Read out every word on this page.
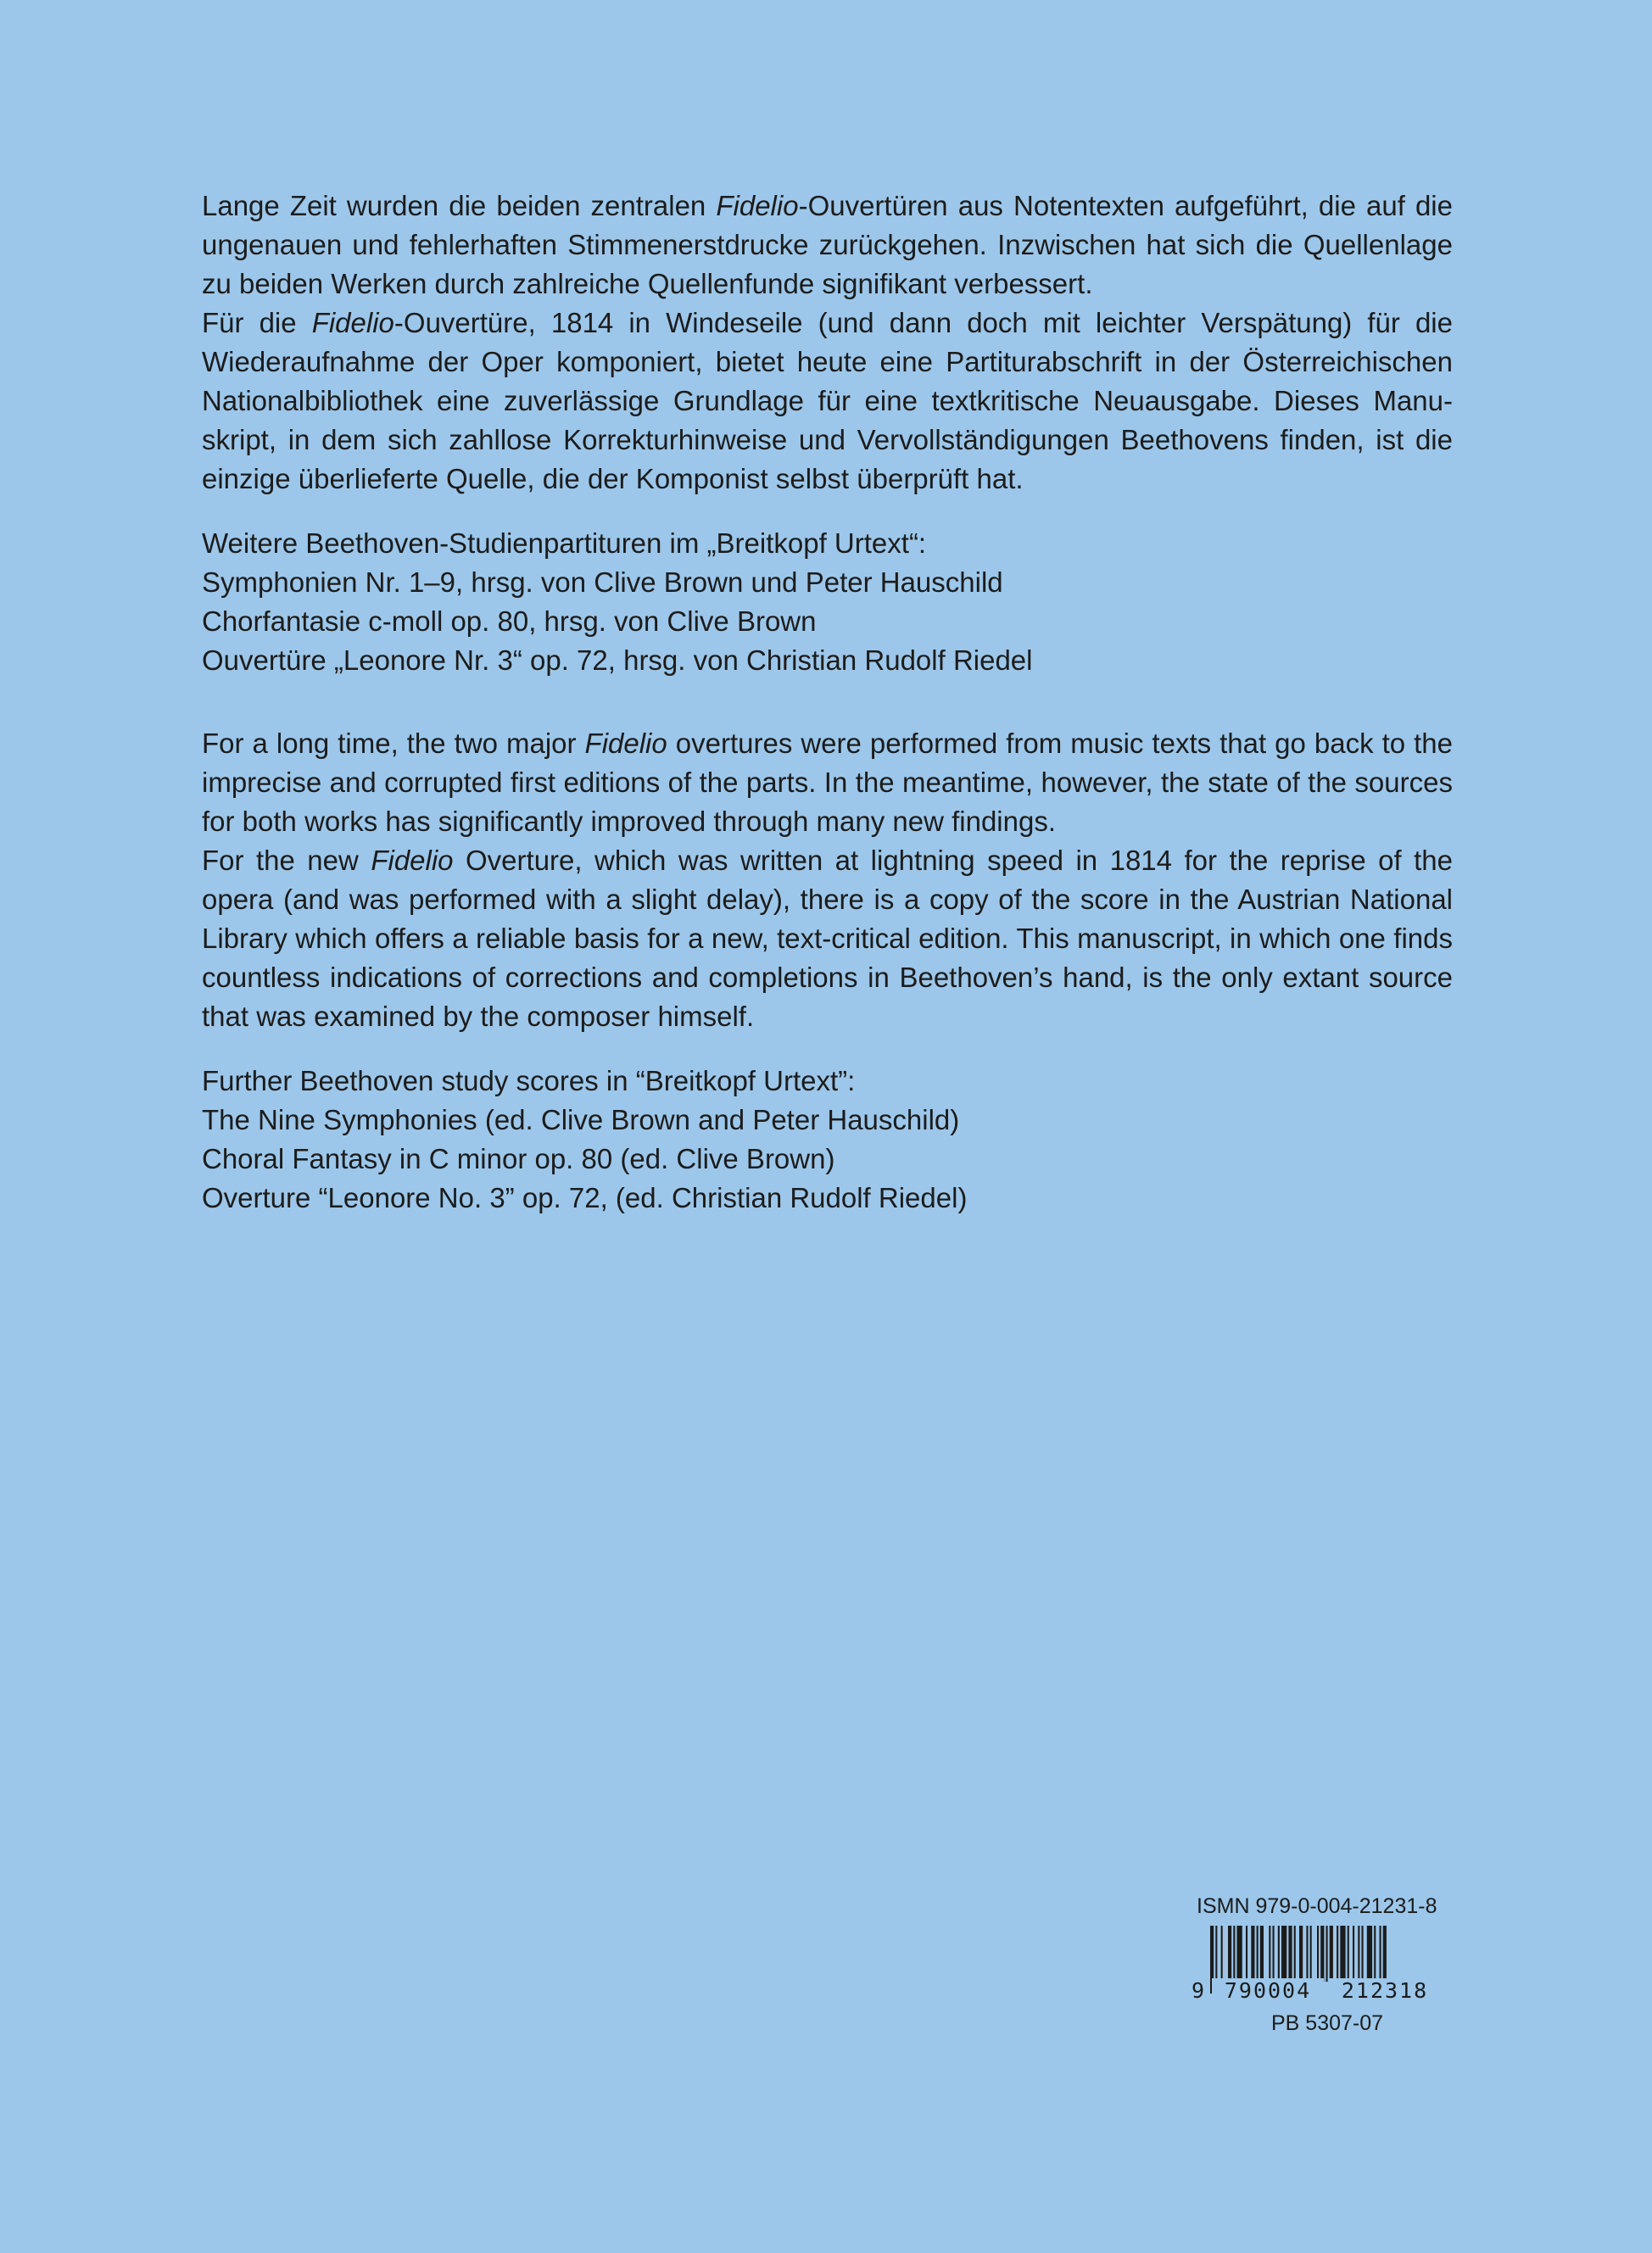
Lange Zeit wurden die beiden zentralen Fidelio-Ouvertüren aus Notentexten aufgeführt, die auf die ungenauen und fehlerhaften Stimmenerstdrucke zurückgehen. Inzwischen hat sich die Quellenlage zu beiden Werken durch zahlreiche Quellenfunde signifikant verbessert.

Für die Fidelio-Ouvertüre, 1814 in Windeseile (und dann doch mit leichter Verspätung) für die Wiederaufnahme der Oper komponiert, bietet heute eine Partiturabschrift in der Österreichischen Nationalbibliothek eine zuverlässige Grundlage für eine textkritische Neuausgabe. Dieses Manuskript, in dem sich zahllose Korrekturhinweise und Vervollständigungen Beethovens finden, ist die einzige überlieferte Quelle, die der Komponist selbst überprüft hat.

Weitere Beethoven-Studienpartituren im „Breitkopf Urtext“:
Symphonien Nr. 1–9, hrsg. von Clive Brown und Peter Hauschild
Chorfantasie c-moll op. 80, hrsg. von Clive Brown
Ouvertüre „Leonore Nr. 3“ op. 72, hrsg. von Christian Rudolf Riedel

For a long time, the two major Fidelio overtures were performed from music texts that go back to the imprecise and corrupted first editions of the parts. In the meantime, however, the state of the sources for both works has significantly improved through many new findings.

For the new Fidelio Overture, which was written at lightning speed in 1814 for the reprise of the opera (and was performed with a slight delay), there is a copy of the score in the Austrian National Library which offers a reliable basis for a new, text-critical edition. This manuscript, in which one finds countless indications of corrections and completions in Beethoven’s hand, is the only extant source that was examined by the composer himself.

Further Beethoven study scores in “Breitkopf Urtext”:
The Nine Symphonies (ed. Clive Brown and Peter Hauschild)
Choral Fantasy in C minor op. 80 (ed. Clive Brown)
Overture “Leonore No. 3” op. 72, (ed. Christian Rudolf Riedel)
ISMN 979-0-004-21231-8
9 790004	212318
PB 5307-07
